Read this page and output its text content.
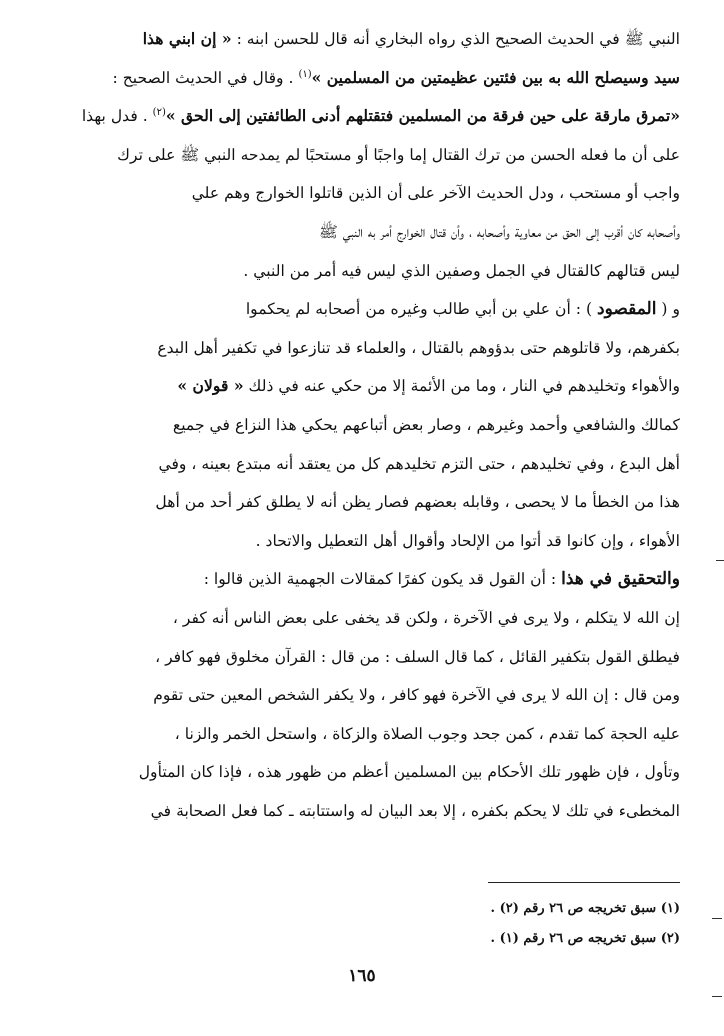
النبي ﷺ في الحديث الصحيح الذي رواه البخاري أنه قال للحسن ابنه : « إن ابني هذا
سيد وسيصلح الله به بين فئتين عظيمتين من المسلمين »$^{(١)}$ . وقال في الحديث الصحيح :
«تمرق مارقة على حين فرقة من المسلمين فتقتلهم أدنى الطائفتين إلى الحق »$^{(٢)}$ . فدل بهذا
على أن ما فعله الحسن من ترك القتال إما واجبًا أو مستحبًا لم يمدحه النبي ﷺ على ترك
واجب أو مستحب ، ودل الحديث الآخر على أن الذين قاتلوا الخوارج وهم علي
وأصحابه كان أقرب إلى الحق من معاوية وأصحابه ، وأن قتال الخوارج أمر به النبي ﷺ
ليس قتالهم كالقتال في الجمل وصفين الذي ليس فيه أمر من النبي .
و ( المقصود ) : أن علي بن أبي طالب وغيره من أصحابه لم يحكموا
بكفرهم، ولا قاتلوهم حتى بدؤوهم بالقتال ، والعلماء قد تنازعوا في تكفير أهل البدع
والأهواء وتخليدهم في النار ، وما من الأئمة إلا من حكي عنه في ذلك « قولان »
كمالك والشافعي وأحمد وغيرهم ، وصار بعض أتباعهم يحكي هذا النزاع في جميع
أهل البدع ، وفي تخليدهم ، حتى التزم تخليدهم كل من يعتقد أنه مبتدع بعينه ، وفي
هذا من الخطأ ما لا يحصى ، وقابله بعضهم فصار يظن أنه لا يطلق كفر أحد من أهل
الأهواء ، وإن كانوا قد أتوا من الإلحاد وأقوال أهل التعطيل والاتحاد .
والتحقيق في هذا : أن القول قد يكون كفرًا كمقالات الجهمية الذين قالوا :
إن الله لا يتكلم ، ولا يرى في الآخرة ، ولكن قد يخفى على بعض الناس أنه كفر ،
فيطلق القول بتكفير القائل ، كما قال السلف : من قال : القرآن مخلوق فهو كافر ،
ومن قال : إن الله لا يرى في الآخرة فهو كافر ، ولا يكفر الشخص المعين حتى تقوم
عليه الحجة كما تقدم ، كمن جحد وجوب الصلاة والزكاة ، واستحل الخمر والزنا ،
وتأول ، فإن ظهور تلك الأحكام بين المسلمين أعظم من ظهور هذه ، فإذا كان المتأول
المخطىء في تلك لا يحكم بكفره ، إلا بعد البيان له واستتابته ـ كما فعل الصحابة في
(١) سبق تخريجه ص ٢٦ رقم (٢) .
(٢) سبق تخريجه ص ٢٦ رقم (١) .
١٦٥
